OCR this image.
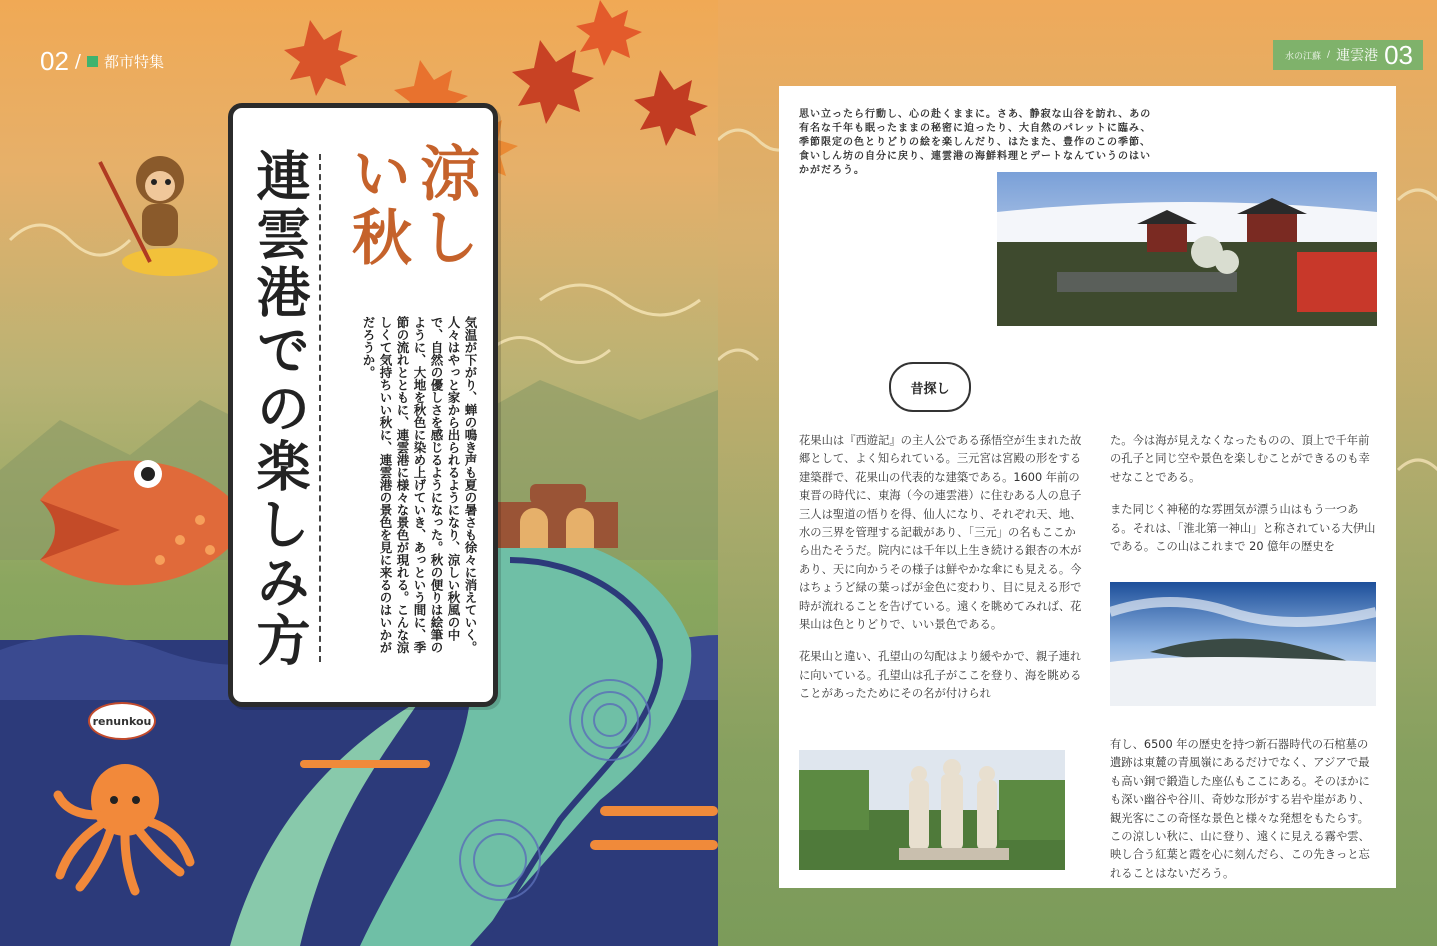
02 / 都市特集
連雲港での楽しみ方	涼しい秋
気温が下がり、蝉の鳴き声も夏の暑さも徐々に消えていく。人々はやっと家から出られるようになり、涼しい秋風の中で、自然の優しさを感じるようになった。秋の便りは絵筆のように、大地を秋色に染め上げていき、あっという間に、季節の流れとともに、連雲港に様々な景色が現れる。こんな涼しくて気持ちいい秋に、連雲港の景色を見に来るのはいかがだろうか。
renunkou
水の江蘇 / 連雲港 03
思い立ったら行動し、心の赴くままに。さあ、静寂な山谷を訪れ、あの有名な千年も眠ったままの秘密に迫ったり、大自然のパレットに臨み、季節限定の色とりどりの絵を楽しんだり、はたまた、豊作のこの季節、食いしん坊の自分に戻り、連雲港の海鮮料理とデートなんていうのはいかがだろう。
昔探し

花果山は『西遊記』の主人公である孫悟空が生まれた故郷として、よく知られている。三元宮は宮殿の形をする建築群で、花果山の代表的な建築である。1600 年前の東晋の時代に、東海（今の連雲港）に住むある人の息子三人は聖道の悟りを得、仙人になり、それぞれ天、地、水の三界を管理する記載があり、「三元」の名もここから出たそうだ。院内には千年以上生き続ける銀杏の木があり、天に向かうその様子は鮮やかな傘にも見える。今はちょうど緑の葉っぱが金色に変わり、目に見える形で時が流れることを告げている。遠くを眺めてみれば、花果山は色とりどりで、いい景色である。

花果山と違い、孔望山の勾配はより緩やかで、親子連れに向いている。孔望山は孔子がここを登り、海を眺めることがあったためにその名が付けられ

た。今は海が見えなくなったものの、頂上で千年前の孔子と同じ空や景色を楽しむことができるのも幸せなことである。

また同じく神秘的な雰囲気が漂う山はもう一つある。それは、「淮北第一神山」と称されている大伊山である。この山はこれまで 20 億年の歴史を

有し、6500 年の歴史を持つ新石器時代の石棺墓の遺跡は東麓の青風嶺にあるだけでなく、アジアで最も高い銅で鍛造した座仏もここにある。そのほかにも深い幽谷や谷川、奇妙な形がする岩や崖があり、観光客にこの奇怪な景色と様々な発想をもたらす。この涼しい秋に、山に登り、遠くに見える霧や雲、映し合う紅葉と霞を心に刻んだら、この先きっと忘れることはないだろう。
